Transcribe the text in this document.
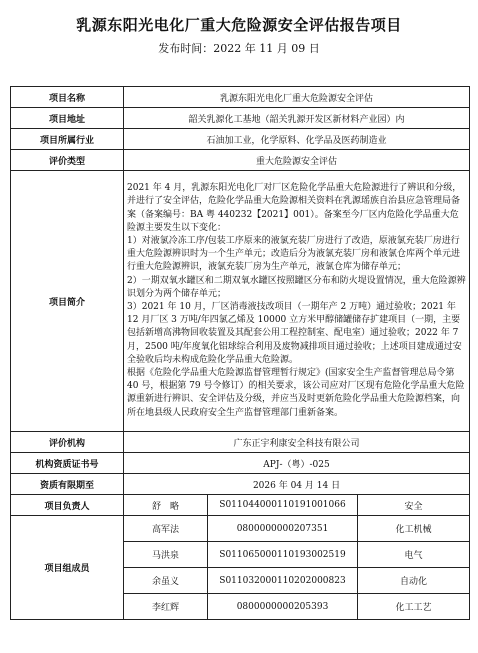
乳源东阳光电化厂重大危险源安全评估报告项目
发布时间：2022 年 11 月 09 日
项目名称	乳源东阳光电化厂重大危险源安全评估		
项目地址	韶关乳源化工基地（韶关乳源开发区新材料产业园）内		
项目所属行业	石油加工业，化学原料、化学品及医药制造业		
评价类型	重大危险源安全评估		
项目简介	2021 年 4 月，乳源东阳光电化厂对厂区危险化学品重大危险源进行了辨识和分级，并进行了安全评估，危险化学品重大危险源相关资料在乳源瑶族自治县应急管理局备案（备案编号：BA 粤 440232【2021】001）。备案至今厂区内危险化学品重大危险源主要发生以下变化：
1）对液氯冷冻工序/包装工序原来的液氯充装厂房进行了改造，原液氯充装厂房进行重大危险源辨识时为一个生产单元；改造后分为液氯充装厂房和液氯仓库两个单元进行重大危险源辨识，液氯充装厂房为生产单元，液氯仓库为储存单元；
2）一期双氧水罐区和二期双氧水罐区按照罐区分布和防火堤设置情况，重大危险源辨识划分为两个储存单元；
3）2021 年 10 月，厂区消毒液技改项目（一期年产 2 万吨）通过验收；2021 年 12 月厂区 3 万吨/年四氯乙烯及 10000 立方米甲醇储罐储存扩建项目（一期，主要包括新增高沸物回收装置及其配套公用工程控制室、配电室）通过验收；2022 年 7 月，2500 吨/年度氧化铝球综合利用及废物减排项目通过验收；上述项目建成通过安全验收后均未构成危险化学品重大危险源。
根据《危险化学品重大危险源监督管理暂行规定》(国家安全生产监督管理总局令第 40 号，根据第 79 号令修订）的相关要求，该公司应对厂区现有危险化学品重大危险源重新进行辨识、安全评估及分级，并应当及时更新危险化学品重大危险源档案，向所在地县级人民政府安全生产监督管理部门重新备案。		

评价机构	广东正宇利康安全科技有限公司		
机构资质证书号	APJ-（粤）-025		
资质有限期至	2026 年 04 月 14 日		
项目负责人	舒　略	S011044000110191001066	安全
项目组成员	高军法	0800000000207351	化工机械
	马洪泉	S011065000110193002519	电气
	余虽义	S011032000110202000823	自动化
	李红辉	0800000000205393	化工工艺
